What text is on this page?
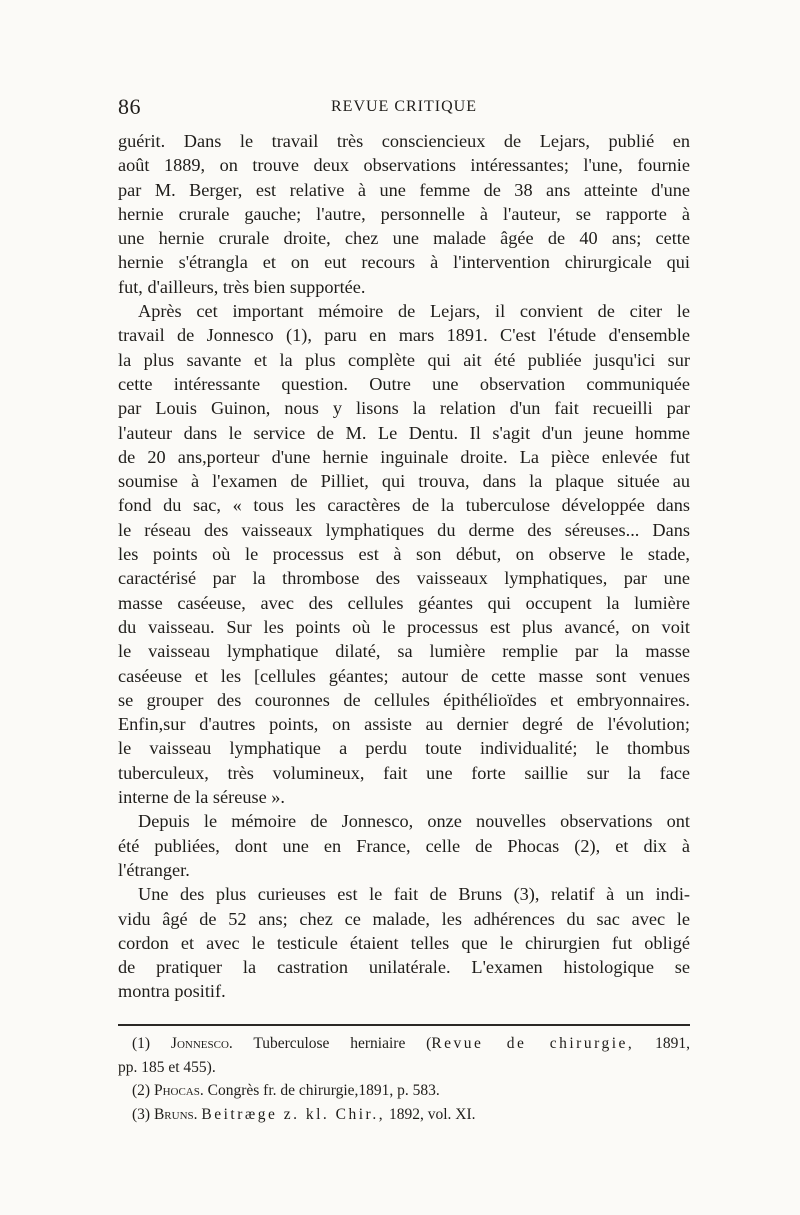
86	REVUE CRITIQUE
guérit. Dans le travail très consciencieux de Lejars, publié en
août 1889, on trouve deux observations intéressantes; l'une, fournie
par M. Berger, est relative à une femme de 38 ans atteinte d'une
hernie crurale gauche; l'autre, personnelle à l'auteur, se rapporte à
une hernie crurale droite, chez une malade âgée de 40 ans; cette
hernie s'étrangla et on eut recours à l'intervention chirurgicale qui
fut, d'ailleurs, très bien supportée.
Après cet important mémoire de Lejars, il convient de citer le
travail de Jonnesco (1), paru en mars 1891. C'est l'étude d'ensemble
la plus savante et la plus complète qui ait été publiée jusqu'ici sur
cette intéressante question. Outre une observation communiquée
par Louis Guinon, nous y lisons la relation d'un fait recueilli par
l'auteur dans le service de M. Le Dentu. Il s'agit d'un jeune homme
de 20 ans,porteur d'une hernie inguinale droite. La pièce enlevée fut
soumise à l'examen de Pilliet, qui trouva, dans la plaque située au
fond du sac, « tous les caractères de la tuberculose développée dans
le réseau des vaisseaux lymphatiques du derme des séreuses... Dans
les points où le processus est à son début, on observe le stade,
caractérisé par la thrombose des vaisseaux lymphatiques, par une
masse caséeuse, avec des cellules géantes qui occupent la lumière
du vaisseau. Sur les points où le processus est plus avancé, on voit
le vaisseau lymphatique dilaté, sa lumière remplie par la masse
caséeuse et les [cellules géantes; autour de cette masse sont venues
se grouper des couronnes de cellules épithélioïdes et embryonnaires.
Enfin,sur d'autres points, on assiste au dernier degré de l'évolution;
le vaisseau lymphatique a perdu toute individualité; le thombus
tuberculeux, très volumineux, fait une forte saillie sur la face
interne de la séreuse ».
Depuis le mémoire de Jonnesco, onze nouvelles observations ont
été publiées, dont une en France, celle de Phocas (2), et dix à
l'étranger.
Une des plus curieuses est le fait de Bruns (3), relatif à un indi-
vidu âgé de 52 ans; chez ce malade, les adhérences du sac avec le
cordon et avec le testicule étaient telles que le chirurgien fut obligé
de pratiquer la castration unilatérale. L'examen histologique se
montra positif.
(1) Jonnesco. Tuberculose herniaire (Revue de chirurgie, 1891,
pp. 185 et 455).
(2) Phocas. Congrès fr. de chirurgie,1891, p. 583.
(3) Bruns. Beitræge z. kl. Chir., 1892, vol. XI.
